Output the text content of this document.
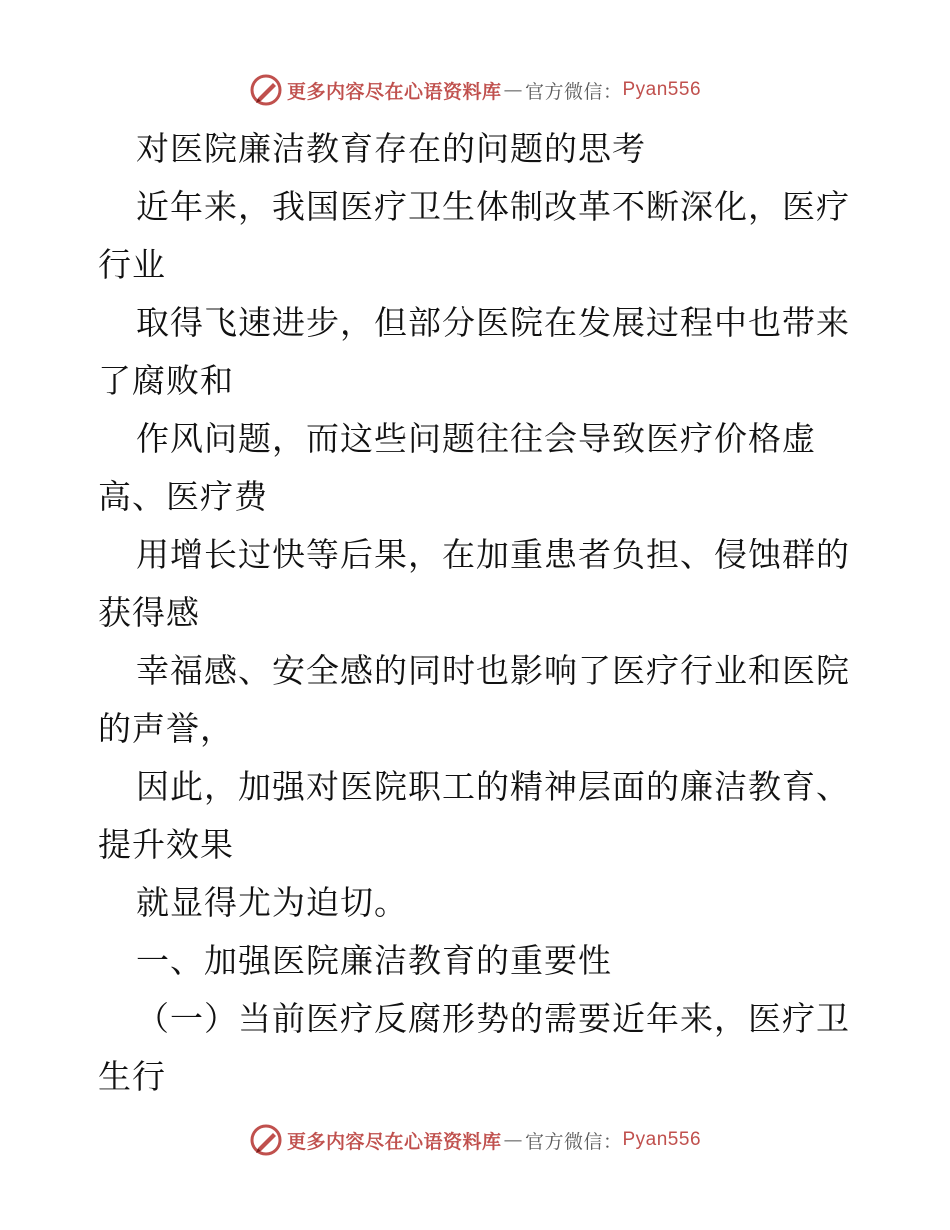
更多内容尽在心语资料库 — 官方微信： Pyan556
对医院廉洁教育存在的问题的思考
近年来，我国医疗卫生体制改革不断深化，医疗
行业
取得飞速进步，但部分医院在发展过程中也带来
了腐败和
作风问题，而这些问题往往会导致医疗价格虚
高、医疗费
用增长过快等后果，在加重患者负担、侵蚀群的
获得感
幸福感、安全感的同时也影响了医疗行业和医院
的声誉，
因此，加强对医院职工的精神层面的廉洁教育、
提升效果
就显得尤为迫切。
一、加强医院廉洁教育的重要性
（一）当前医疗反腐形势的需要近年来，医疗卫
生行
更多内容尽在心语资料库 — 官方微信： Pyan556
